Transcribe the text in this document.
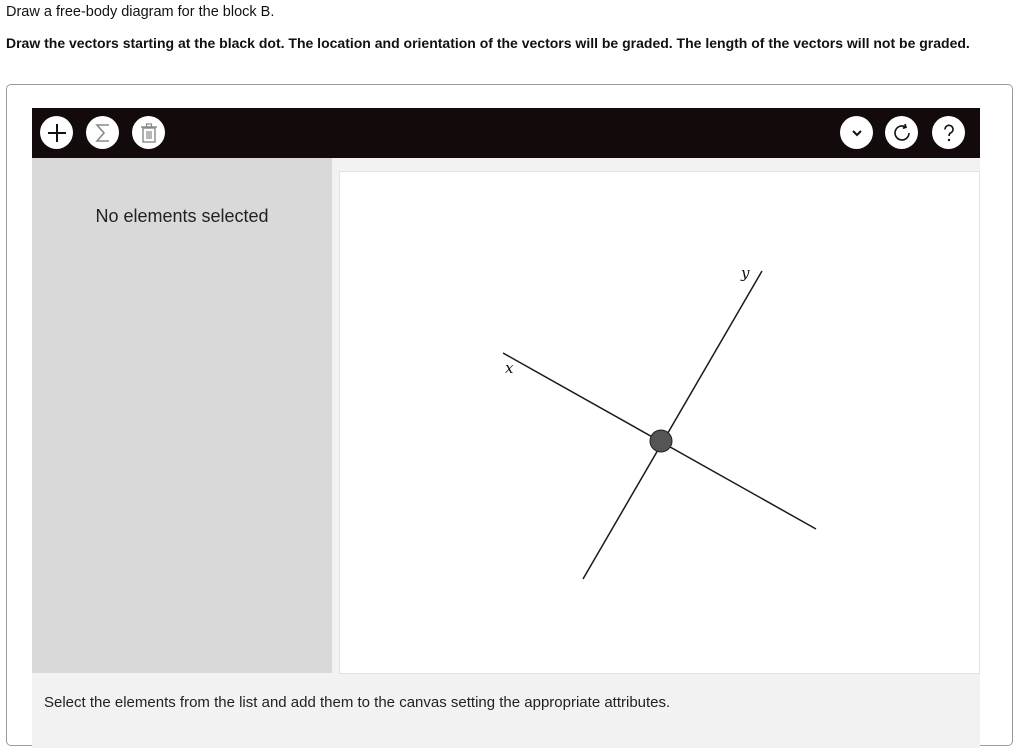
Draw a free-body diagram for the block B.
Draw the vectors starting at the black dot. The location and orientation of the vectors will be graded. The length of the vectors will not be graded.
No elements selected
x
y
Select the elements from the list and add them to the canvas setting the appropriate attributes.
